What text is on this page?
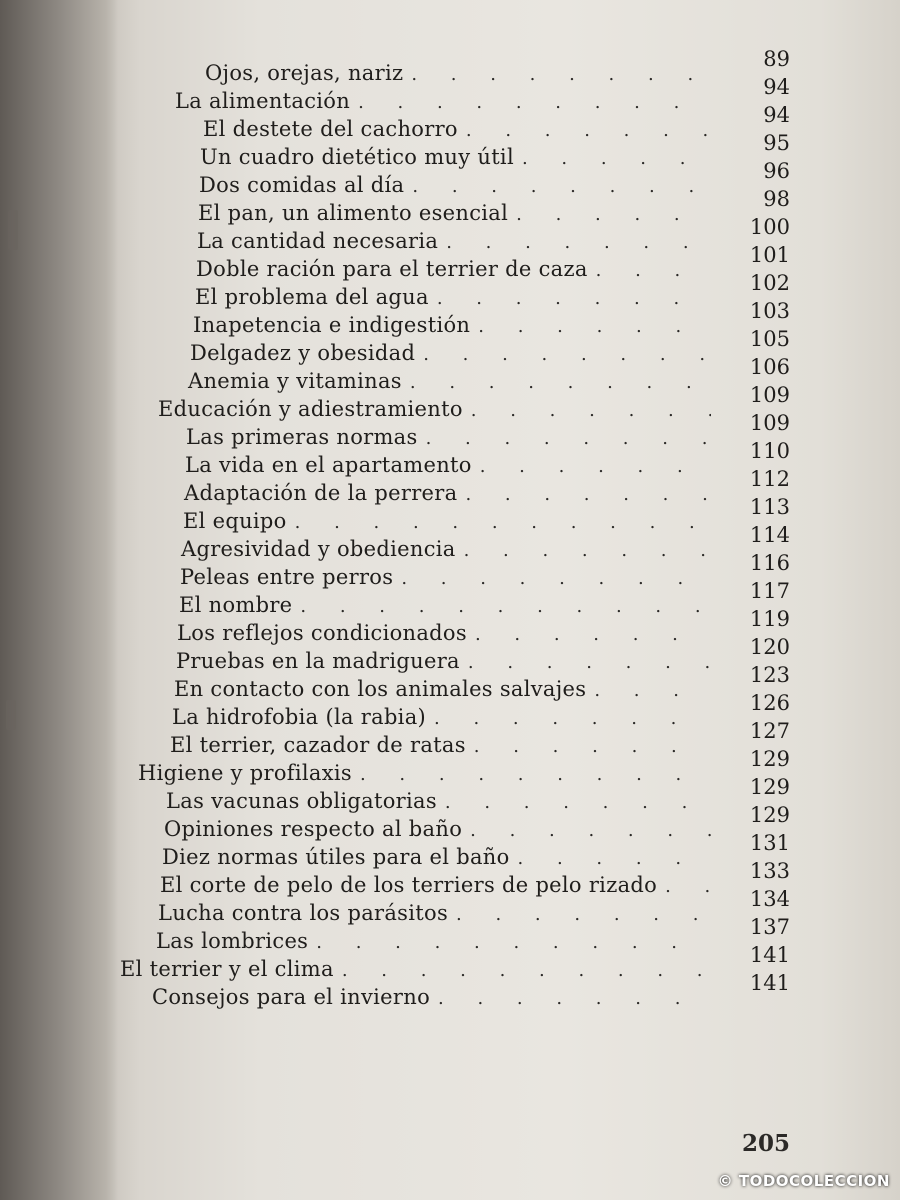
89
Ojos, orejas, nariz
. . .
94
La alimentación
. . .
94
El destete del cachorro
. . .
95
Un cuadro dietético muy útil
. . .
96
Dos comidas al día
. . .
98
El pan, un alimento esencial
. . .
100
La cantidad necesaria
. . .
101
Doble ración para el terrier de caza
. . .
102
El problema del agua
. . .
103
Inapetencia e indigestión
. . .
105
Delgadez y obesidad
. . .
106
Anemia y vitaminas
. . .
109
Educación y adiestramiento
. . .
109
Las primeras normas
. . .
110
La vida en el apartamento
. . .
112
Adaptación de la perrera
. . .
113
El equipo
. . .
114
Agresividad y obediencia
. . .
116
Peleas entre perros
. . .
117
El nombre
. . .
119
Los reflejos condicionados
. . .
120
Pruebas en la madriguera
. . .
123
En contacto con los animales salvajes
. . .
126
La hidrofobia (la rabia)
. . .
127
El terrier, cazador de ratas
. . .
129
Higiene y profilaxis
. . .
129
Las vacunas obligatorias
. . .
129
Opiniones respecto al baño
. . .
131
Diez normas útiles para el baño
. . .
133
El corte de pelo de los terriers de pelo rizado
. . .
134
Lucha contra los parásitos
. . .
137
Las lombrices
. . .
141
El terrier y el clima
. . .
141
Consejos para el invierno
. . .
205
© TODOCOLECCION
